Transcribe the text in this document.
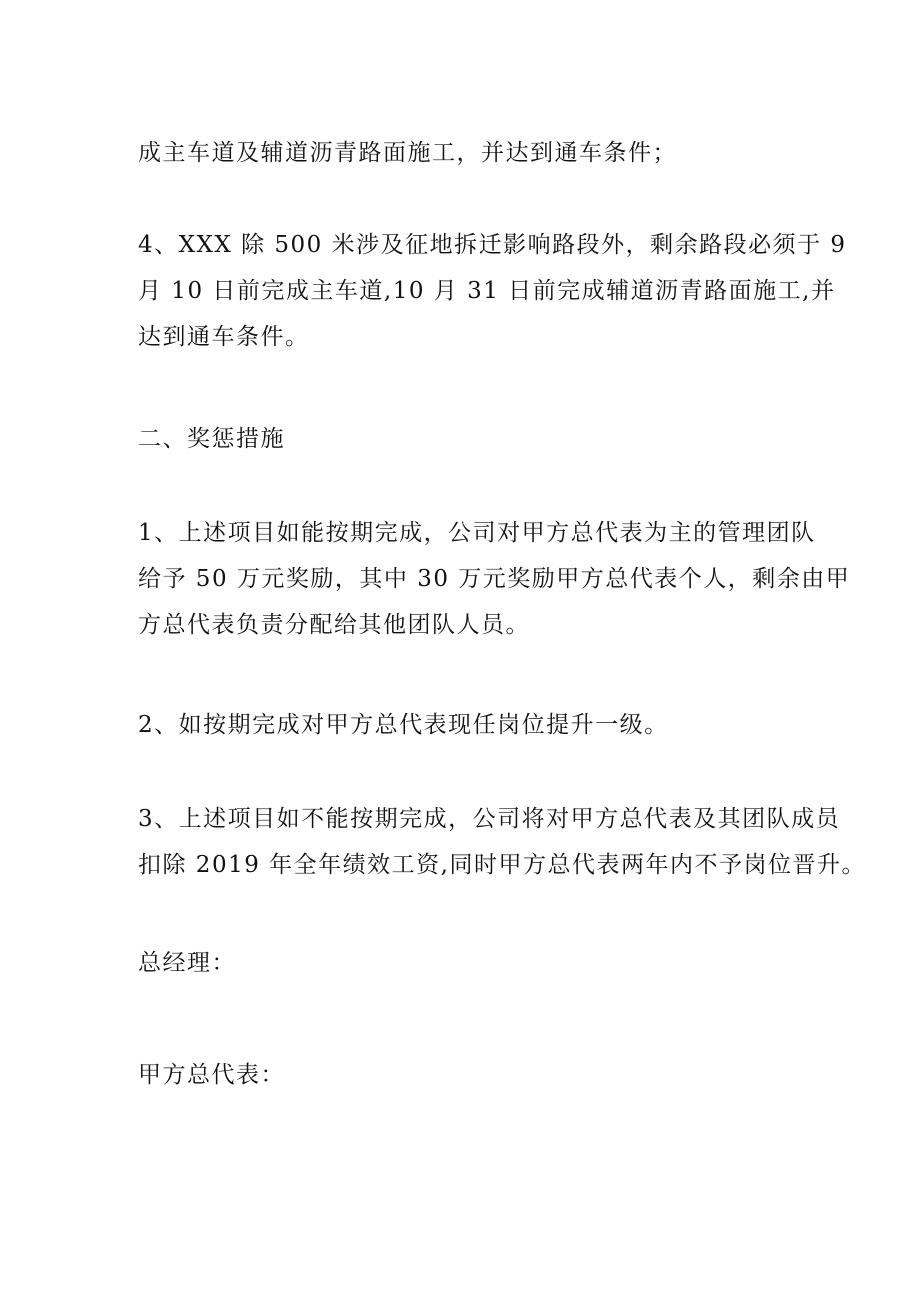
成主车道及辅道沥青路面施工，并达到通车条件；

4、XXX 除 500 米涉及征地拆迁影响路段外，剩余路段必须于 9
月 10 日前完成主车道,10 月 31 日前完成辅道沥青路面施工,并
达到通车条件。

二、奖惩措施

1、上述项目如能按期完成，公司对甲方总代表为主的管理团队
给予 50 万元奖励，其中 30 万元奖励甲方总代表个人，剩余由甲
方总代表负责分配给其他团队人员。

2、如按期完成对甲方总代表现任岗位提升一级。

3、上述项目如不能按期完成，公司将对甲方总代表及其团队成员
扣除 2019 年全年绩效工资,同时甲方总代表两年内不予岗位晋升。

总经理：

甲方总代表：
